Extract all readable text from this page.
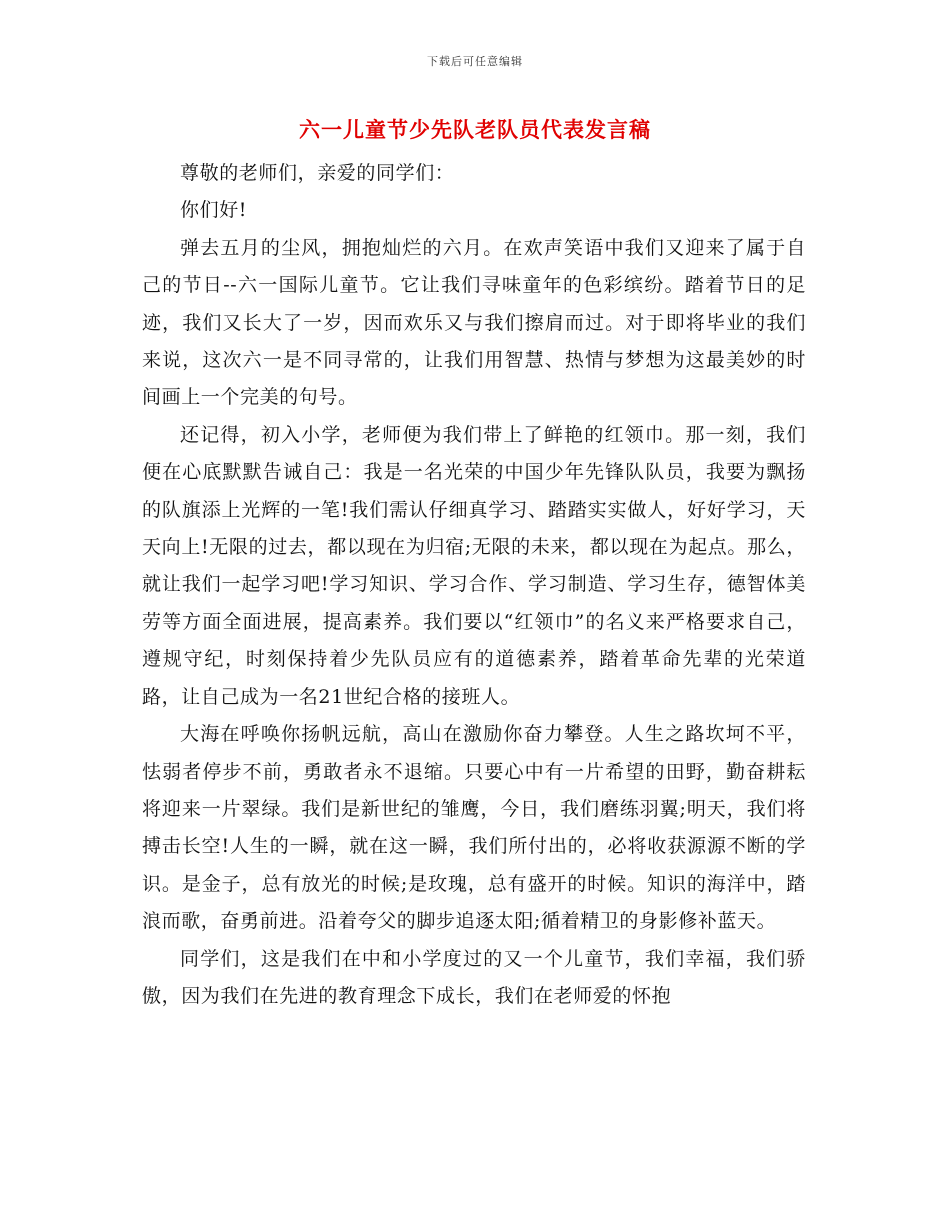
下载后可任意编辑
六一儿童节少先队老队员代表发言稿

尊敬的老师们，亲爱的同学们：

你们好!

弹去五月的尘风，拥抱灿烂的六月。在欢声笑语中我们又迎来了属于自己的节日--六一国际儿童节。它让我们寻味童年的色彩缤纷。踏着节日的足迹，我们又长大了一岁，因而欢乐又与我们擦肩而过。对于即将毕业的我们来说，这次六一是不同寻常的，让我们用智慧、热情与梦想为这最美妙的时间画上一个完美的句号。

还记得，初入小学，老师便为我们带上了鲜艳的红领巾。那一刻，我们便在心底默默告诫自己：我是一名光荣的中国少年先锋队队员，我要为飘扬的队旗添上光辉的一笔!我们需认仔细真学习、踏踏实实做人，好好学习，天天向上!无限的过去，都以现在为归宿;无限的未来，都以现在为起点。那么，就让我们一起学习吧!学习知识、学习合作、学习制造、学习生存，德智体美劳等方面全面进展，提高素养。我们要以“红领巾”的名义来严格要求自己，遵规守纪，时刻保持着少先队员应有的道德素养，踏着革命先辈的光荣道路，让自己成为一名21世纪合格的接班人。

大海在呼唤你扬帆远航，高山在激励你奋力攀登。人生之路坎坷不平，怯弱者停步不前，勇敢者永不退缩。只要心中有一片希望的田野，勤奋耕耘将迎来一片翠绿。我们是新世纪的雏鹰，今日，我们磨练羽翼;明天，我们将搏击长空!人生的一瞬，就在这一瞬，我们所付出的，必将收获源源不断的学识。是金子，总有放光的时候;是玫瑰，总有盛开的时候。知识的海洋中，踏浪而歌，奋勇前进。沿着夸父的脚步追逐太阳;循着精卫的身影修补蓝天。

同学们，这是我们在中和小学度过的又一个儿童节，我们幸福，我们骄傲，因为我们在先进的教育理念下成长，我们在老师爱的怀抱
